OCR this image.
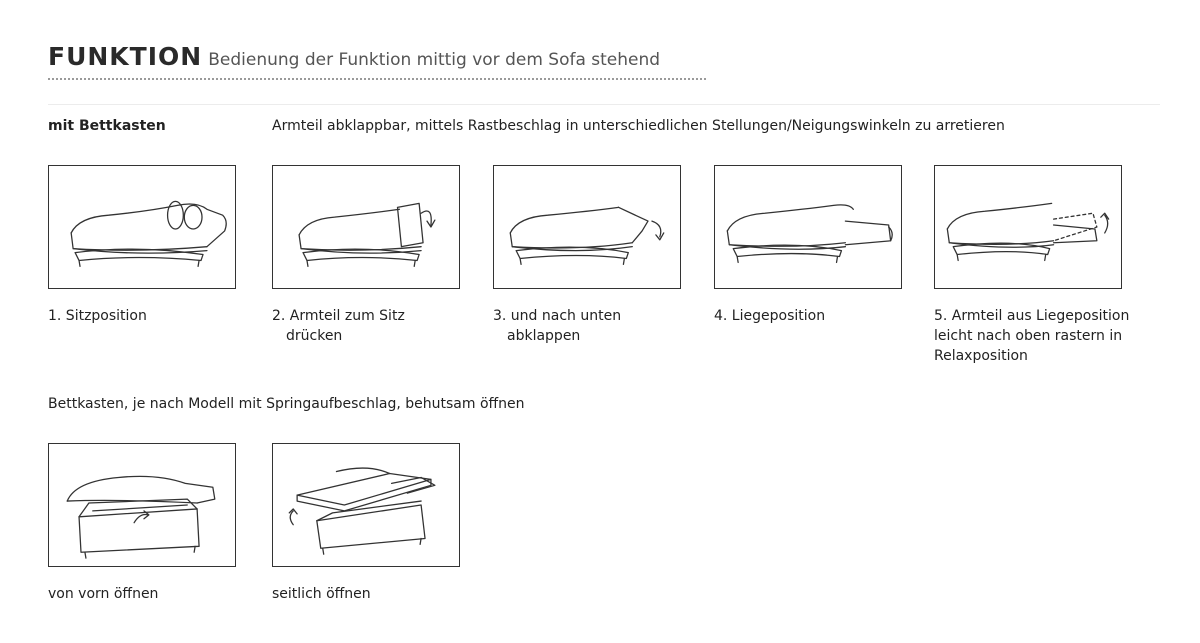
FUNKTION Bedienung der Funktion mittig vor dem Sofa stehend
mit Bettkasten	Armteil abklappbar, mittels Rastbeschlag in unterschiedlichen Stellungen/Neigungswinkeln zu arretieren
1. Sitzposition	2. Armteil zum Sitz
drücken
3. und nach unten
abklappen
4. Liegeposition	5. Armteil aus Liegeposition
leicht nach oben rastern in
Relaxposition
Bettkasten, je nach Modell mit Springaufbeschlag, behutsam öffnen
von vorn öffnen	seitlich öffnen
